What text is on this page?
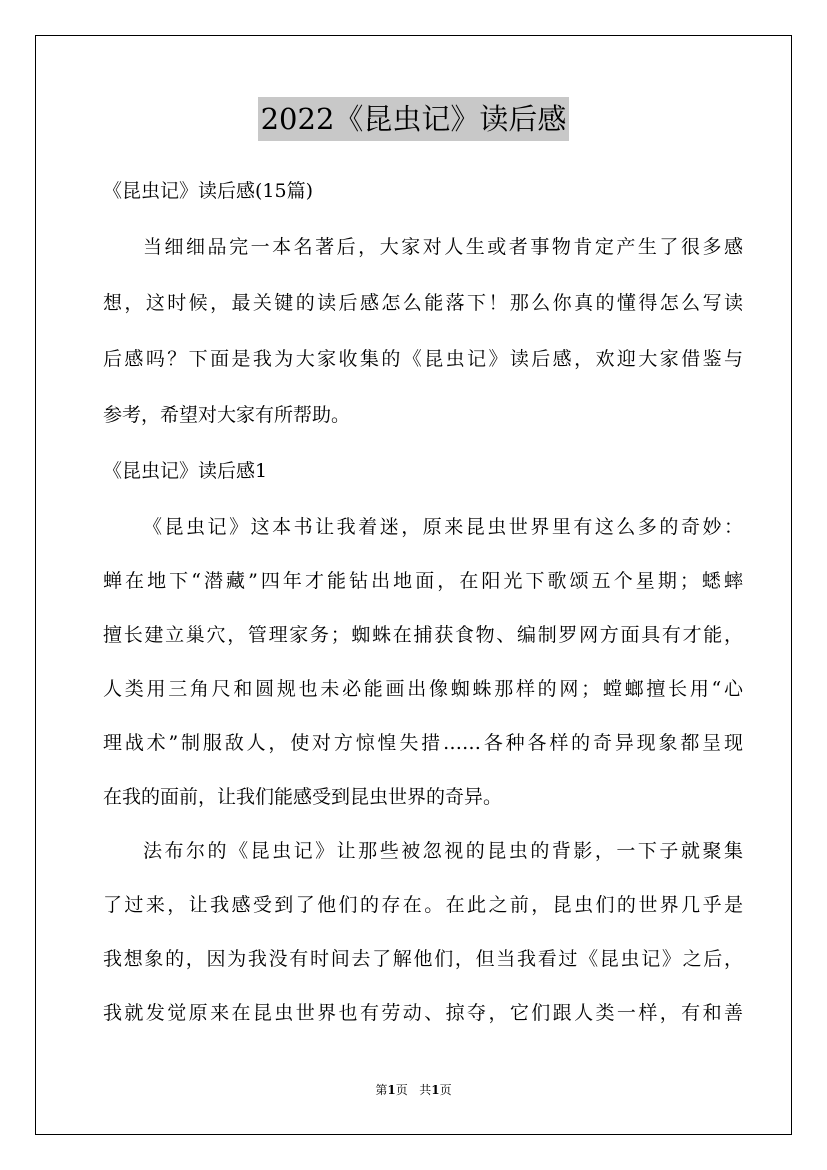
2022《昆虫记》读后感
《昆虫记》读后感(15篇)
当细细品完一本名著后，大家对人生或者事物肯定产生了很多感
想，这时候，最关键的读后感怎么能落下！那么你真的懂得怎么写读
后感吗？下面是我为大家收集的《昆虫记》读后感，欢迎大家借鉴与
参考，希望对大家有所帮助。
《昆虫记》读后感1
《昆虫记》这本书让我着迷，原来昆虫世界里有这么多的奇妙：
蝉在地下“潜藏”四年才能钻出地面，在阳光下歌颂五个星期；蟋蟀
擅长建立巢穴，管理家务；蜘蛛在捕获食物、编制罗网方面具有才能，
人类用三角尺和圆规也未必能画出像蜘蛛那样的网；螳螂擅长用“心
理战术”制服敌人，使对方惊惶失措……各种各样的奇异现象都呈现
在我的面前，让我们能感受到昆虫世界的奇异。
法布尔的《昆虫记》让那些被忽视的昆虫的背影，一下子就聚集
了过来，让我感受到了他们的存在。在此之前，昆虫们的世界几乎是
我想象的，因为我没有时间去了解他们，但当我看过《昆虫记》之后，
我就发觉原来在昆虫世界也有劳动、掠夺，它们跟人类一样，有和善
第1页 共1页
